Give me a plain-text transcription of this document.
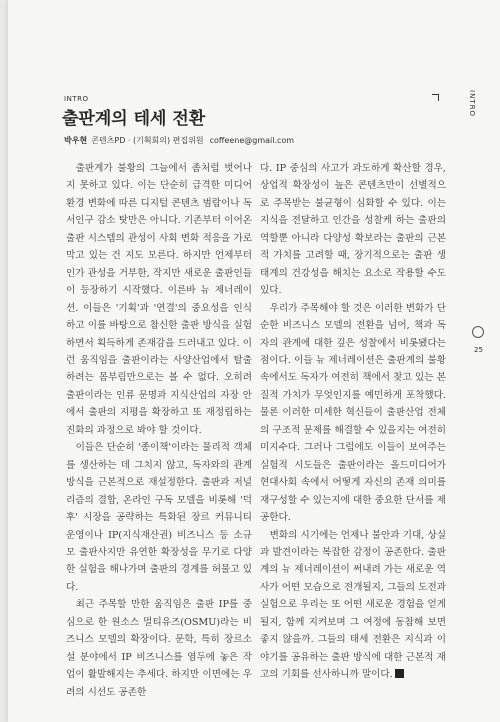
INTRO	INTRO
출판계의 테세 전환
박우현 콘텐츠PD · (기획회의) 편집위원 coffeene@gmail.com

출판계가 불황의 그늘에서 좀처럼 벗어나지 못하고 있다. 이는 단순히 급격한 미디어 환경 변화에 따른 디지털 콘텐츠 범람이나 독서인구 감소 탓만은 아니다. 기존부터 이어온 출판 시스템의 관성이 사회 변화 적응을 가로막고 있는 건 지도 모른다. 하지만 언제부터인가 관성을 거부한, 작지만 새로운 출판인들이 등장하기 시작했다. 이른바 뉴 제너레이션. 이들은 '기획'과 '연결'의 중요성을 인식하고 이를 바탕으로 참신한 출판 방식을 실험하면서 획득하게 존재감을 드러내고 있다. 이런 움직임을 출판이라는 사양산업에서 탈출하려는 몸부림만으로는 볼 수 없다. 오히려 출판이라는 인류 문명과 지식산업의 자장 안에서 출판의 지평을 확장하고 또 재정립하는 진화의 과정으로 봐야 할 것이다.

이들은 단순히 '종이책'이라는 물리적 객체를 생산하는 데 그치지 않고, 독자와의 관계 방식을 근본적으로 재설정한다. 출판과 저널리즘의 결합, 온라인 구독 모델을 비롯해 '덕후' 시장을 공략하는 특화된 장르 커뮤니티 운영이나 IP(지식재산권) 비즈니스 등 소규모 출판사지만 유연한 확장성을 무기로 다양한 실험을 해나가며 출판의 경계를 허물고 있다.

최근 주목할 만한 움직임은 출판 IP를 중심으로 한 원소스 멀티유즈(OSMU)라는 비즈니스 모델의 확장이다. 문학, 특히 장르소설 분야에서 IP 비즈니스를 염두에 놓은 작업이 활발해지는 추세다. 하지만 이면에는 우려의 시선도 공존한

다. IP 중심의 사고가 과도하게 확산할 경우, 상업적 확장성이 높은 콘텐츠만이 선별적으로 주목받는 불균형이 심화할 수 있다. 이는 지식을 전달하고 인간을 성찰케 하는 출판의 역할뿐 아니라 다양성 확보라는 출판의 근본적 가치를 고려할 때, 장기적으로는 출판 생태계의 건강성을 해치는 요소로 작용할 수도 있다.

우리가 주목해야 할 것은 이러한 변화가 단순한 비즈니스 모델의 전환을 넘어, 책과 독자의 관계에 대한 깊은 성찰에서 비롯됐다는 점이다. 이들 뉴 제너레이션은 출판계의 불황 속에서도 독자가 여전히 책에서 찾고 있는 본질적 가치가 무엇인지를 예민하게 포착했다. 물론 이러한 미세한 혁신들이 출판산업 전체의 구조적 문제를 해결할 수 있을지는 여전히 미지수다. 그러나 그럼에도 이들이 보여주는 실험적 시도들은 출판이라는 올드미디어가 현대사회 속에서 어떻게 자신의 존재 의미를 재구성할 수 있는지에 대한 중요한 단서를 제공한다.

변화의 시기에는 언제나 불안과 기대, 상실과 발견이라는 복잡한 감정이 공존한다. 출판계의 뉴 제너레이션이 써내려 가는 새로운 역사가 어떤 모습으로 전개될지, 그들의 도전과 실험으로 우리는 또 어떤 새로운 경험을 얻게 될지, 함께 지켜보며 그 여정에 동참해 보면 좋지 않을까. 그들의 태세 전환은 지식과 이야기를 공유하는 출판 방식에 대한 근본적 재고의 기회를 선사하니까 말이다.

25
